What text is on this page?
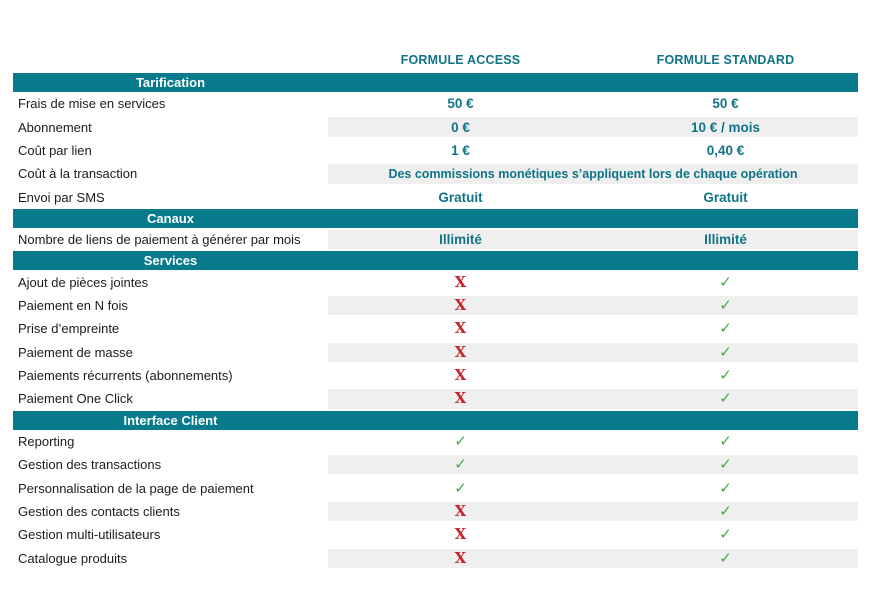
FORMULE ACCESS	FORMULE STANDARD
Tarification
Frais de mise en services	50 €	50 €
Abonnement	0 €	10 € / mois
Coût par lien	1 €	0,40 €
Coût à la transaction	Des commissions monétiques s’appliquent lors de chaque opération
Envoi par SMS	Gratuit	Gratuit
Canaux
Nombre de liens de paiement à générer par mois	Illimité	Illimité
Services
Ajout de pièces jointes	X	✓
Paiement en N fois	X	✓
Prise d’empreinte	X	✓
Paiement de masse	X	✓
Paiements récurrents (abonnements)	X	✓
Paiement One Click	X	✓
Interface Client
Reporting	✓	✓
Gestion des transactions	✓	✓
Personnalisation de la page de paiement	✓	✓
Gestion des contacts clients	X	✓
Gestion multi-utilisateurs	X	✓
Catalogue produits	X	✓
